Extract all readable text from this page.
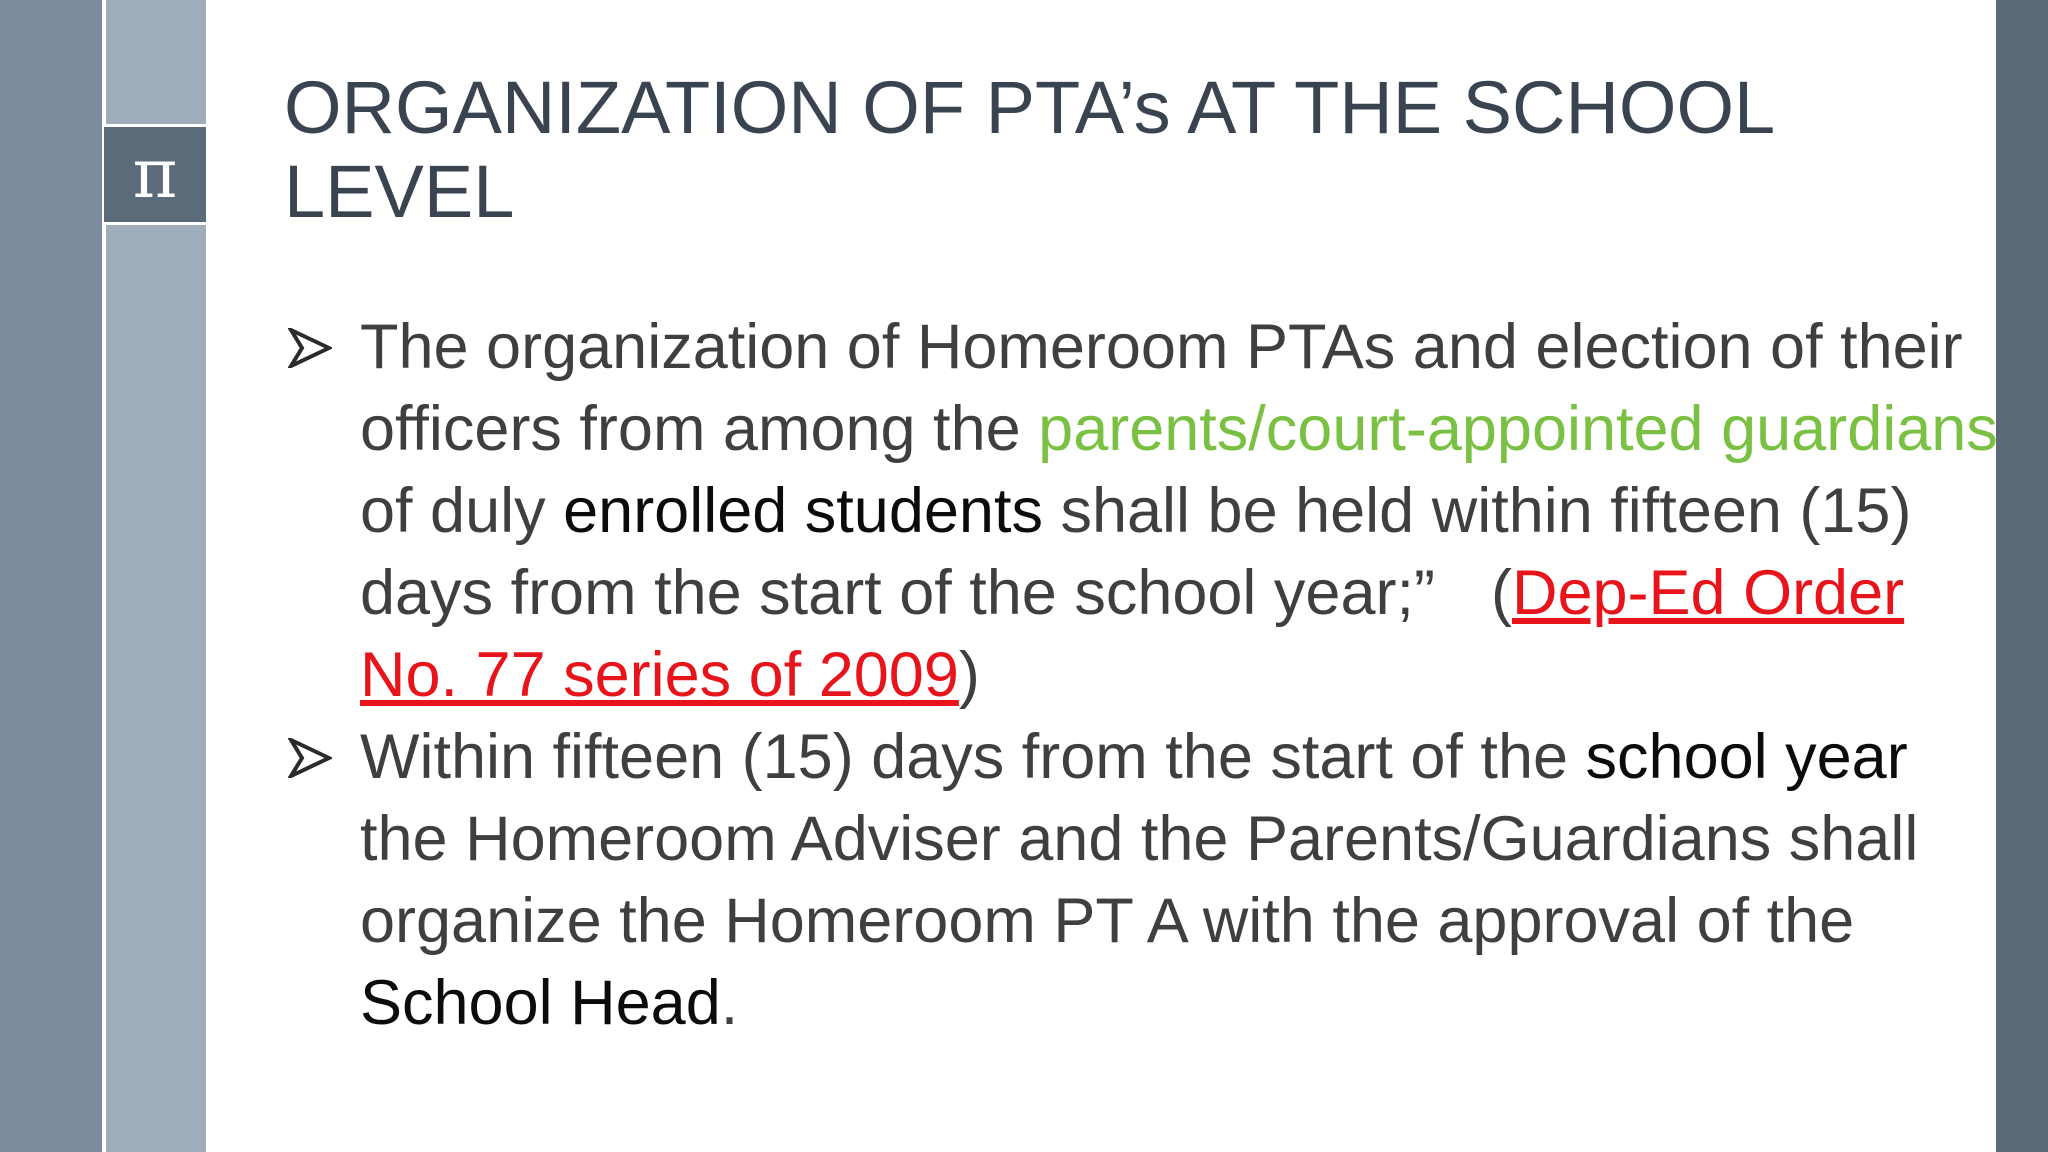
π
ORGANIZATION OF PTA’s AT THE SCHOOL LEVEL
The organization of Homeroom PTAs and election of their officers from among the parents/court-appointed guardians of duly enrolled students shall be held within fifteen (15) days from the start of the school year;” (Dep-Ed Order No. 77 series of 2009)
Within fifteen (15) days from the start of the school year the Homeroom Adviser and the Parents/Guardians shall organize the Homeroom PT A with the approval of the School Head.
